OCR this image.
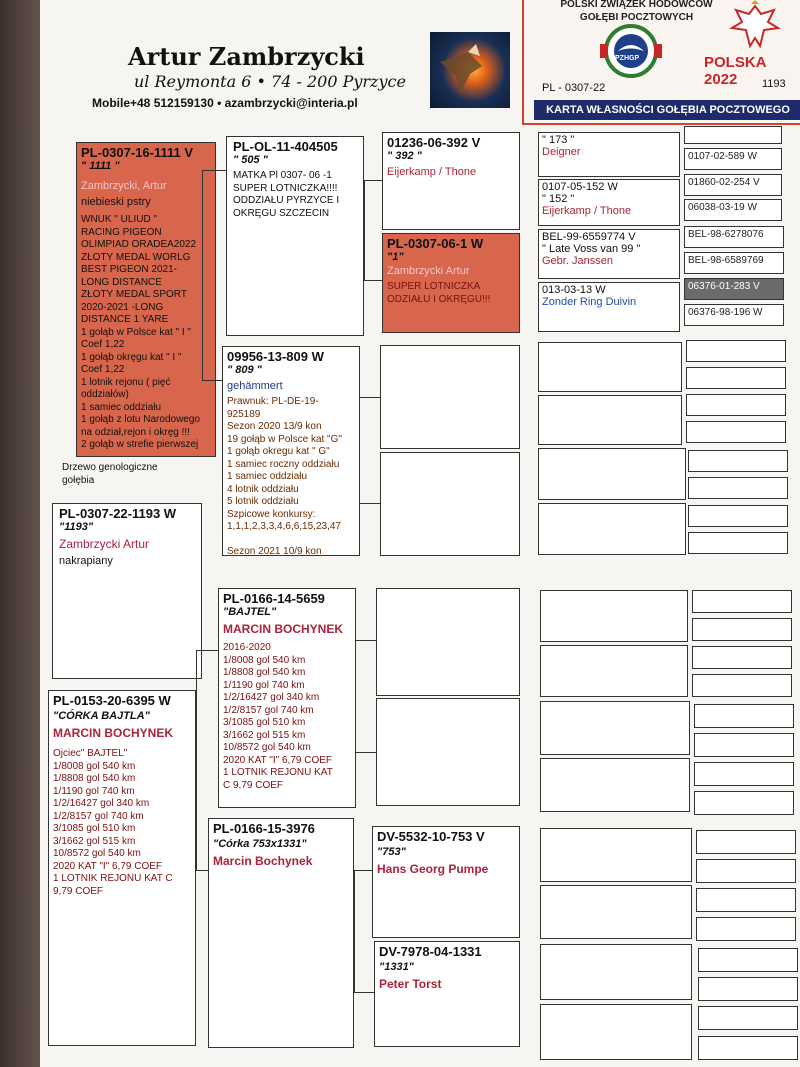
Artur Zambrzycki
ul Reymonta 6 • 74 - 200 Pyrzyce
Mobile+48 512159130 • azambrzycki@interia.pl
POLSKI ZWIĄZEK HODOWCÓW
GOŁĘBI POCZTOWYCH
PZHGP	POLSKA 2022
PL - 0307-22	1193
KARTA WŁASNOŚCI GOŁĘBIA POCZTOWEGO
PL-0307-16-1111 V
" 1111 "
Zambrzycki, Artur
niebieski pstry
WNUK " ULIUD "
RACING PIGEON
OLIMPIAD ORADEA2022
ZŁOTY MEDAL WORLG
BEST PIGEON 2021-
LONG DISTANCE
ZŁOTY MEDAL SPORT
2020-2021 -LONG
DISTANCE 1 YARE
1 gołąb w Polsce kat " I "
Coef 1,22
1 gołąb okręgu kat " I "
Coef 1,22
1 lotnik rejonu ( pięć
oddziałów)
1 samiec oddziału
1 gołąb z lotu Narodowego
na odział,rejon i okręg !!!
2 gołąb w strefie pierwszej
Drzewo genologiczne gołębia
PL-0307-22-1193 W
"1193"
Zambrzycki Artur
nakrapiany
PL-0153-20-6395 W
"CÓRKA BAJTLA"
MARCIN BOCHYNEK
Ojciec" BAJTEL"
1/8008 gol 540 km
1/8808 gol 540 km
1/1190 gol 740 km
1/2/16427 gol 340 km
1/2/8157 gol 740 km
3/1085 gol 510 km
3/1662 gol 515 km
10/8572 gol 540 km
2020 KAT "I" 6,79 COEF
1 LOTNIK REJONU KAT C
9,79 COEF
PL-OL-11-404505
" 505 "
MATKA Pl 0307- 06 -1
SUPER LOTNICZKA!!!!
ODDZIAŁU PYRZYCE I
OKRĘGU SZCZECIN
09956-13-809 W
" 809 "
gehämmert
Prawnuk: PL-DE-19-
925189
Sezon 2020 13/9 kon
19 gołąb w Polsce kat "G"
1 gołąb okregu kat " G"
1 samiec roczny oddziału
1 samiec oddziału
4 lotnik oddziału
5 lotnik oddziału
Szpicowe konkursy:
1,1,1,2,3,3,4,6,6,15,23,47

Sezon 2021 10/9 kon
PL-0166-14-5659
"BAJTEL"
MARCIN BOCHYNEK
2016-2020
1/8008 gol 540 km
1/8808 gol 540 km
1/1190 gol 740 km
1/2/16427 gol 340 km
1/2/8157 gol 740 km
3/1085 gol 510 km
3/1662 gol 515 km
10/8572 gol 540 km
2020 KAT "I" 6,79 COEF
1 LOTNIK REJONU KAT
C 9,79 COEF
PL-0166-15-3976
"Córka 753x1331"
Marcin Bochynek
01236-06-392 V
" 392 "
Eijerkamp / Thone
PL-0307-06-1 W
"1"
Zambrzycki Artur
SUPER LOTNICZKA
ODZIAŁU I OKRĘGU!!!
DV-5532-10-753 V
"753"
Hans Georg Pumpe
DV-7978-04-1331
"1331"
Peter Torst
" 173 "
Deigner
0107-05-152 W
" 152 "
Eijerkamp / Thone
BEL-99-6559774 V
" Late Voss van 99 "
Gebr. Janssen
013-03-13 W
Zonder Ring Duivin
0107-02-589 W
01860-02-254 V
06038-03-19 W
BEL-98-6278076
BEL-98-6589769
06376-01-283 V
06376-98-196 W
